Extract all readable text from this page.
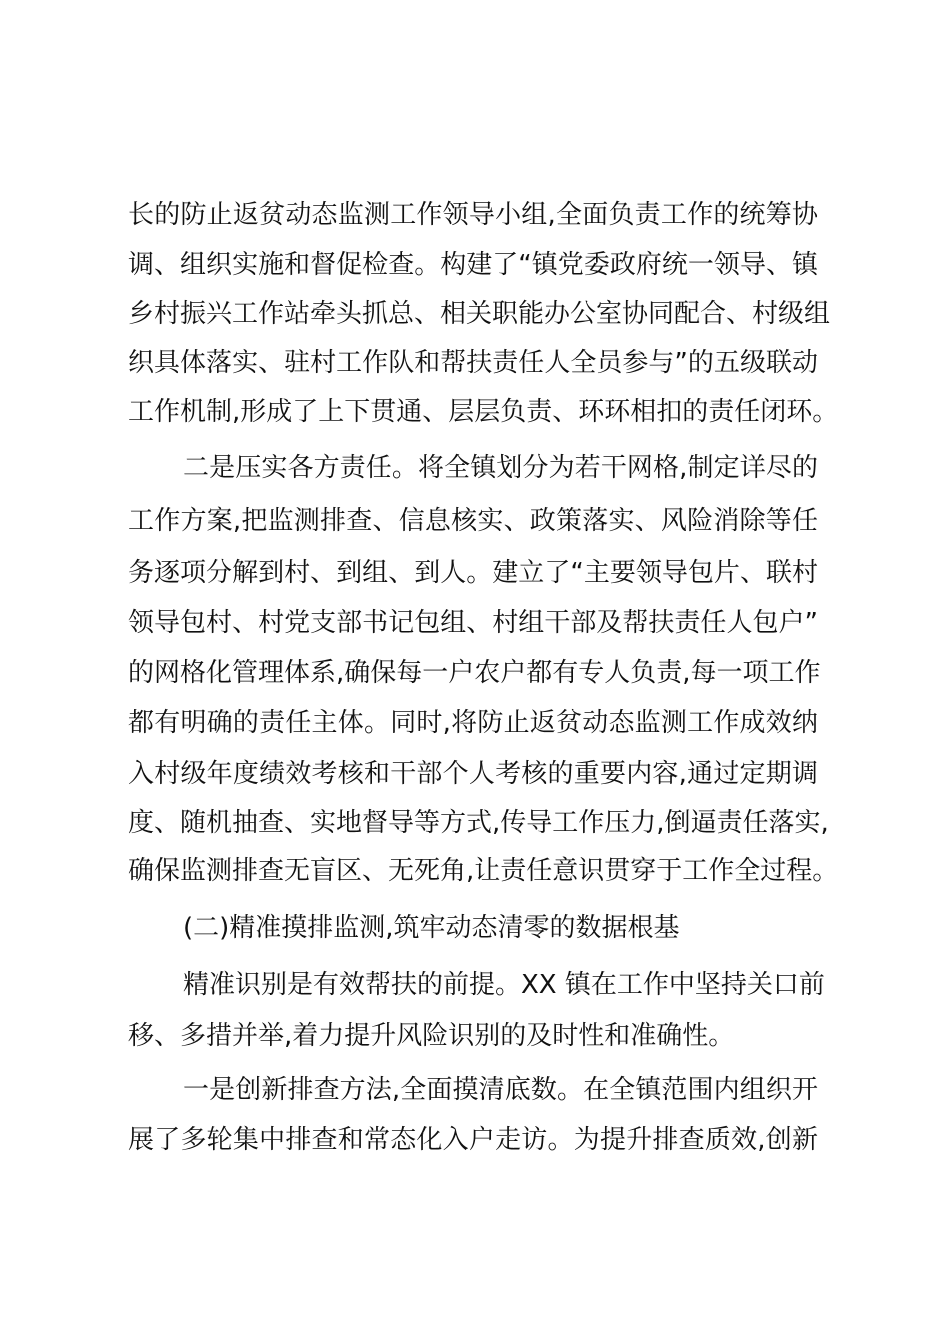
长的防止返贫动态监测工作领导小组,全面负责工作的统筹协
调、组织实施和督促检查。构建了“镇党委政府统一领导、镇
乡村振兴工作站牵头抓总、相关职能办公室协同配合、村级组
织具体落实、驻村工作队和帮扶责任人全员参与”的五级联动
工作机制,形成了上下贯通、层层负责、环环相扣的责任闭环。
二是压实各方责任。将全镇划分为若干网格,制定详尽的
工作方案,把监测排查、信息核实、政策落实、风险消除等任
务逐项分解到村、到组、到人。建立了“主要领导包片、联村
领导包村、村党支部书记包组、村组干部及帮扶责任人包户”
的网格化管理体系,确保每一户农户都有专人负责,每一项工作
都有明确的责任主体。同时,将防止返贫动态监测工作成效纳
入村级年度绩效考核和干部个人考核的重要内容,通过定期调
度、随机抽查、实地督导等方式,传导工作压力,倒逼责任落实,
确保监测排查无盲区、无死角,让责任意识贯穿于工作全过程。
(二)精准摸排监测,筑牢动态清零的数据根基
精准识别是有效帮扶的前提。XX 镇在工作中坚持关口前
移、多措并举,着力提升风险识别的及时性和准确性。
一是创新排查方法,全面摸清底数。在全镇范围内组织开
展了多轮集中排查和常态化入户走访。为提升排查质效,创新
